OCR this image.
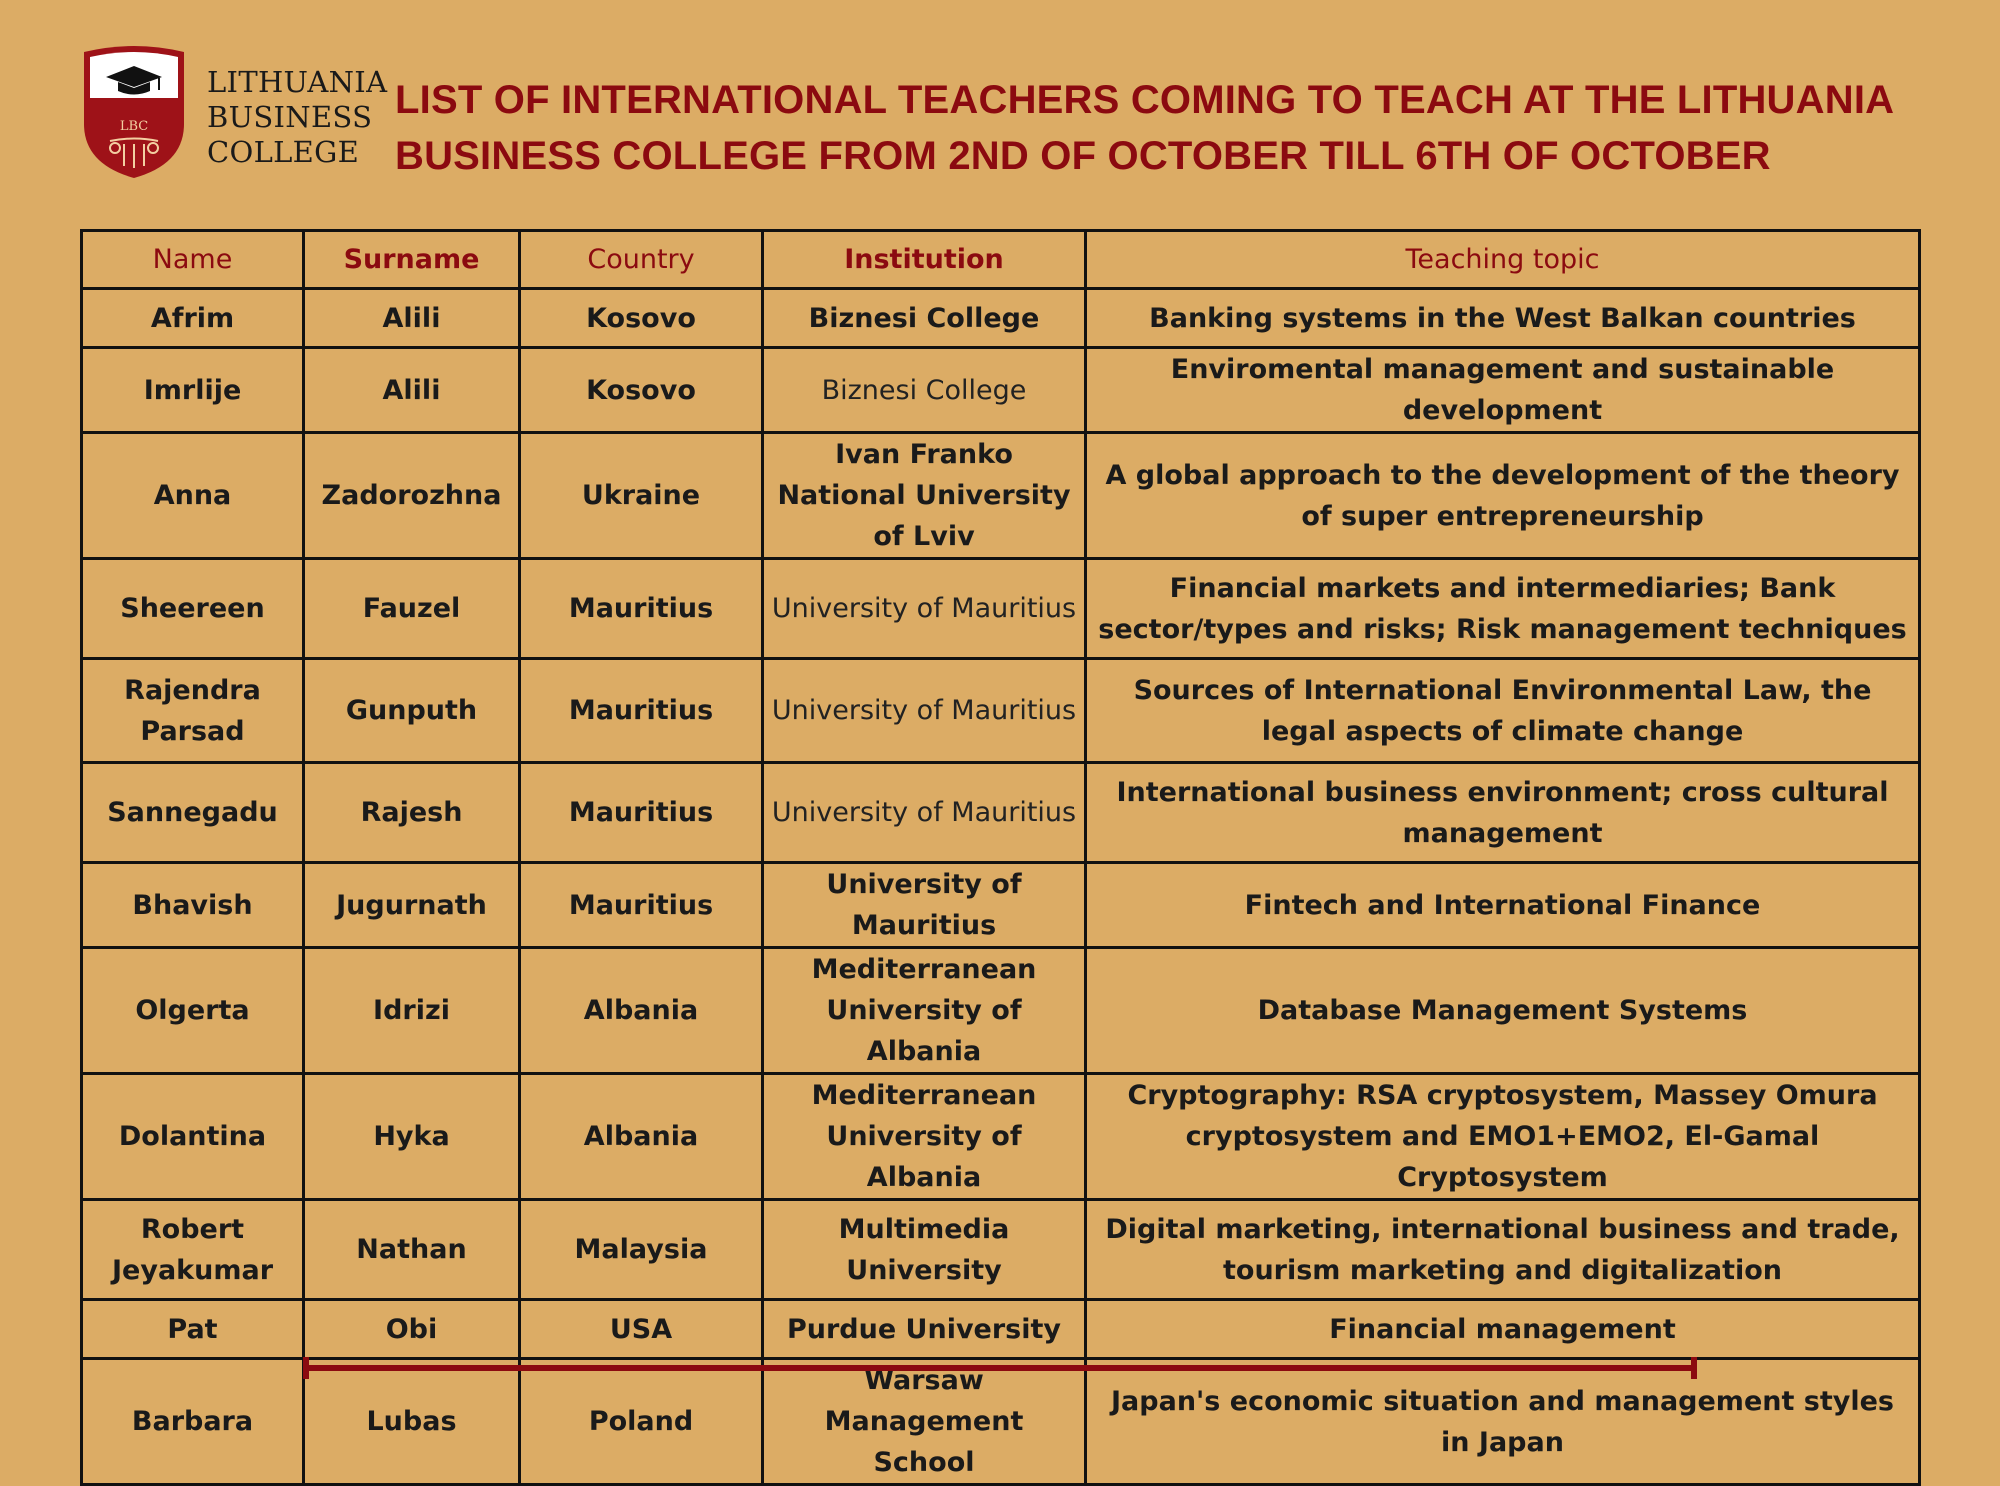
LBC
LITHUANIA
BUSINESS
COLLEGE
LIST OF INTERNATIONAL TEACHERS COMING TO TEACH AT THE LITHUANIA
BUSINESS COLLEGE FROM 2ND OF OCTOBER TILL 6TH OF OCTOBER
Name	Surname	Country	Institution	Teaching topic
Afrim	Alili	Kosovo	Biznesi College	Banking systems in the West Balkan countries
Imrlije	Alili	Kosovo	Biznesi College	Enviromental management and sustainable development
Anna	Zadorozhna	Ukraine	Ivan Franko National University of Lviv	A global approach to the development of the theory of super entrepreneurship
Sheereen	Fauzel	Mauritius	University of Mauritius	Financial markets and intermediaries; Bank sector/types and risks; Risk management techniques
Rajendra Parsad	Gunputh	Mauritius	University of Mauritius	Sources of International Environmental Law, the legal aspects of climate change
Sannegadu	Rajesh	Mauritius	University of Mauritius	International business environment; cross cultural management
Bhavish	Jugurnath	Mauritius	University of Mauritius	Fintech and International Finance
Olgerta	Idrizi	Albania	Mediterranean University of Albania	Database Management Systems
Dolantina	Hyka	Albania	Mediterranean University of Albania	Cryptography: RSA cryptosystem, Massey Omura cryptosystem and EMO1+EMO2, El-Gamal Cryptosystem
Robert Jeyakumar	Nathan	Malaysia	Multimedia University	Digital marketing, international business and trade, tourism marketing and digitalization
Pat	Obi	USA	Purdue University	Financial management
Barbara	Lubas	Poland	Warsaw Management School	Japan's economic situation and management styles in Japan
